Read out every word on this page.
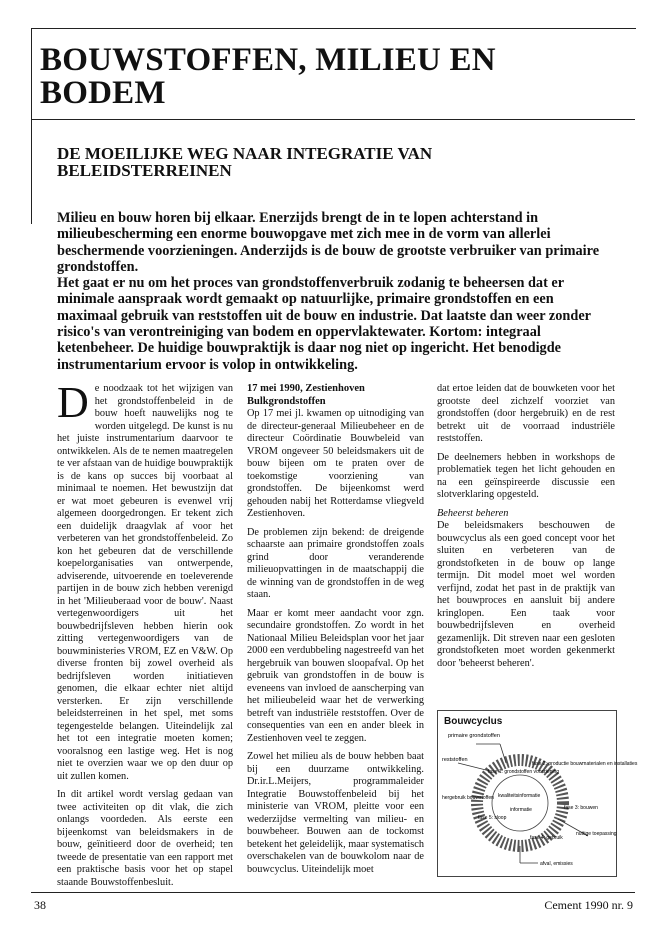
BOUWSTOFFEN, MILIEU EN BODEM
DE MOEILIJKE WEG NAAR INTEGRATIE VAN BELEIDSTERREINEN

Milieu en bouw horen bij elkaar. Enerzijds brengt de in te lopen achterstand in milieubescherming een enorme bouwopgave met zich mee in de vorm van allerlei beschermende voorzieningen. Anderzijds is de bouw de grootste verbruiker van primaire grondstoffen.

Het gaat er nu om het proces van grondstoffenverbruik zodanig te beheersen dat er minimale aanspraak wordt gemaakt op natuurlijke, primaire grondstoffen en een maximaal gebruik van reststoffen uit de bouw en industrie. Dat laatste dan weer zonder risico's van verontreiniging van bodem en oppervlaktewater. Kortom: integraal ketenbeheer. De huidige bouwpraktijk is daar nog niet op ingericht. Het benodigde instrumentarium ervoor is volop in ontwikkeling.

De noodzaak tot het wijzigen van het grondstoffenbeleid in de bouw hoeft nauwelijks nog te worden uitgelegd. De kunst is nu het juiste instrumentarium daarvoor te ontwikkelen. Als de te nemen maatregelen te ver afstaan van de huidige bouwpraktijk is de kans op succes bij voorbaat al minimaal te noemen. Het bewustzijn dat er wat moet gebeuren is evenwel vrij algemeen doorgedrongen. Er tekent zich een duidelijk draagvlak af voor het verbeteren van het grondstoffenbeleid. Zo kon het gebeuren dat de verschillende koepelorganisaties van ontwerpende, adviserende, uitvoerende en toeleverende partijen in de bouw zich hebben verenigd in het 'Milieuberaad voor de bouw'. Naast vertegenwoordigers uit het bouwbedrijfsleven hebben hierin ook zitting vertegenwoordigers van de bouwministeries VROM, EZ en V&W. Op diverse fronten bij zowel overheid als bedrijfsleven worden initiatieven genomen, die elkaar echter niet altijd versterken. Er zijn verschillende beleidsterreinen in het spel, met soms tegengestelde belangen. Uiteindelijk zal het tot een integratie moeten komen; vooralsnog een lastige weg. Het is nog niet te overzien waar we op den duur op uit zullen komen.

In dit artikel wordt verslag gedaan van twee activiteiten op dit vlak, die zich onlangs voordeden. Als eerste een bijeenkomst van beleidsmakers in de bouw, geïnitieerd door de overheid; ten tweede de presentatie van een rapport met een praktische basis voor het op stapel staande Bouwstoffenbesluit.

17 mei 1990, Zestienhoven
Bulkgrondstoffen

Op 17 mei jl. kwamen op uitnodiging van de directeur-generaal Milieubeheer en de directeur Coördinatie Bouwbeleid van VROM ongeveer 50 beleidsmakers uit de bouw bijeen om te praten over de toekomstige voorziening van grondstoffen. De bijeenkomst werd gehouden nabij het Rotterdamse vliegveld Zestienhoven.

De problemen zijn bekend: de dreigende schaarste aan primaire grondstoffen zoals grind door veranderende milieuopvattingen in de maatschappij die de winning van de grondstoffen in de weg staan.

Maar er komt meer aandacht voor zgn. secundaire grondstoffen. Zo wordt in het Nationaal Milieu Beleidsplan voor het jaar 2000 een verdubbeling nagestreefd van het hergebruik van bouwen sloopafval. Op het gebruik van grondstoffen in de bouw is eveneens van invloed de aanscherping van het milieubeleid waar het de verwerking betreft van industriële reststoffen. Over de consequenties van een en ander bleek in Zestienhoven veel te zeggen.

Zowel het milieu als de bouw hebben baat bij een duurzame ontwikkeling. Dr.ir.L.Meijers, programmaleider Integratie Bouwstoffenbeleid bij het ministerie van VROM, pleitte voor een wederzijdse vermelting van milieu- en bouwbeheer. Bouwen aan de tockomst betekent het geleidelijk, maar systematisch overschakelen van de bouwkolom naar de bouwcyclus. Uiteindelijk moet

dat ertoe leiden dat de bouwketen voor het grootste deel zichzelf voorziet van grondstoffen (door hergebruik) en de rest betrekt uit de voorraad industriële reststoffen.

De deelnemers hebben in workshops de problematiek tegen het licht gehouden en na een geïnspireerde discussie een slotverklaring opgesteld.

Beheerst beheren

De beleidsmakers beschouwen de bouwcyclus als een goed concept voor het sluiten en verbeteren van de grondstofketen in de bouw op lange termijn. Dit model moet wel worden verfijnd, zodat het past in de praktijk van het bouwproces en aansluit bij andere kringlopen. Een taak voor bouwbedrijfsleven en overheid gezamenlijk. Dit streven naar een gesloten grondstofketen moet worden gekenmerkt door 'beheerst beheren'.

Bouwcyclus
primaire grondstoffen
reststoffen
fase 1: grondstoffen voorziening
fase 2: productie bouwmaterialen en installaties
fase 3: bouwen
fase 4: gebruik
fase 5: sloop
hergebruik bouwstoffen kwaliteitsinformatie
informatie
nuttige toepassing
afval, emissies
38	Cement 1990 nr. 9
